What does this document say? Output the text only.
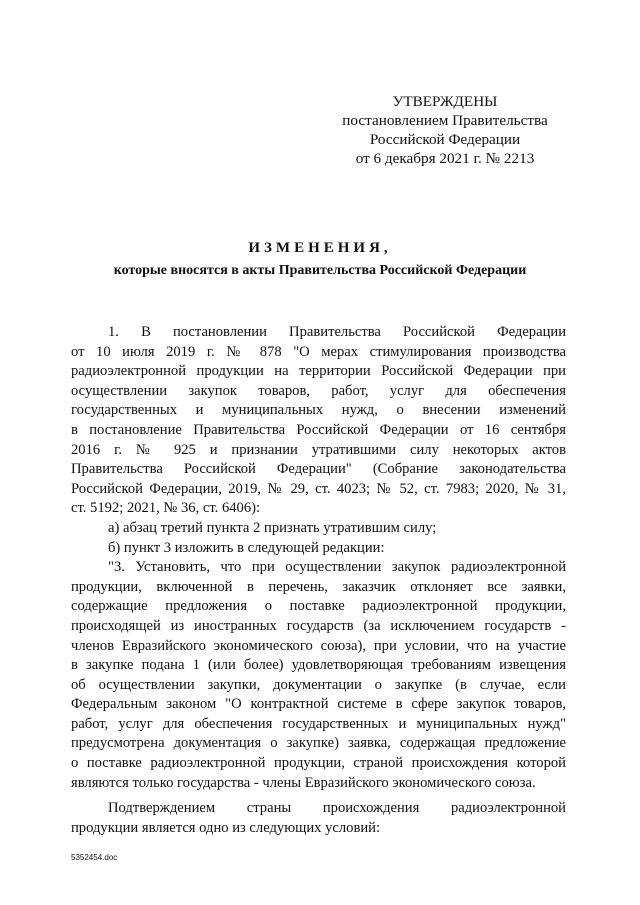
УТВЕРЖДЕНЫ
постановлением Правительства
Российской Федерации
от 6 декабря 2021 г. № 2213
ИЗМЕНЕНИЯ,
которые вносятся в акты Правительства Российской Федерации
1. В постановлении Правительства Российской Федерации
от 10 июля 2019 г. № 878 "О мерах стимулирования производства
радиоэлектронной продукции на территории Российской Федерации при
осуществлении закупок товаров, работ, услуг для обеспечения
государственных и муниципальных нужд, о внесении изменений
в постановление Правительства Российской Федерации от 16 сентября
2016 г. № 925 и признании утратившими силу некоторых актов
Правительства Российской Федерации" (Собрание законодательства
Российской Федерации, 2019, № 29, ст. 4023; № 52, ст. 7983; 2020, № 31,
ст. 5192; 2021, № 36, ст. 6406):
а) абзац третий пункта 2 признать утратившим силу;
б) пункт 3 изложить в следующей редакции:
"3. Установить, что при осуществлении закупок радиоэлектронной
продукции, включенной в перечень, заказчик отклоняет все заявки,
содержащие предложения о поставке радиоэлектронной продукции,
происходящей из иностранных государств (за исключением государств -
членов Евразийского экономического союза), при условии, что на участие
в закупке подана 1 (или более) удовлетворяющая требованиям извещения
об осуществлении закупки, документации о закупке (в случае, если
Федеральным законом "О контрактной системе в сфере закупок товаров,
работ, услуг для обеспечения государственных и муниципальных нужд"
предусмотрена документация о закупке) заявка, содержащая предложение
о поставке радиоэлектронной продукции, страной происхождения которой
являются только государства - члены Евразийского экономического союза.
Подтверждением страны происхождения радиоэлектронной
продукции является одно из следующих условий:
5352454.doc
